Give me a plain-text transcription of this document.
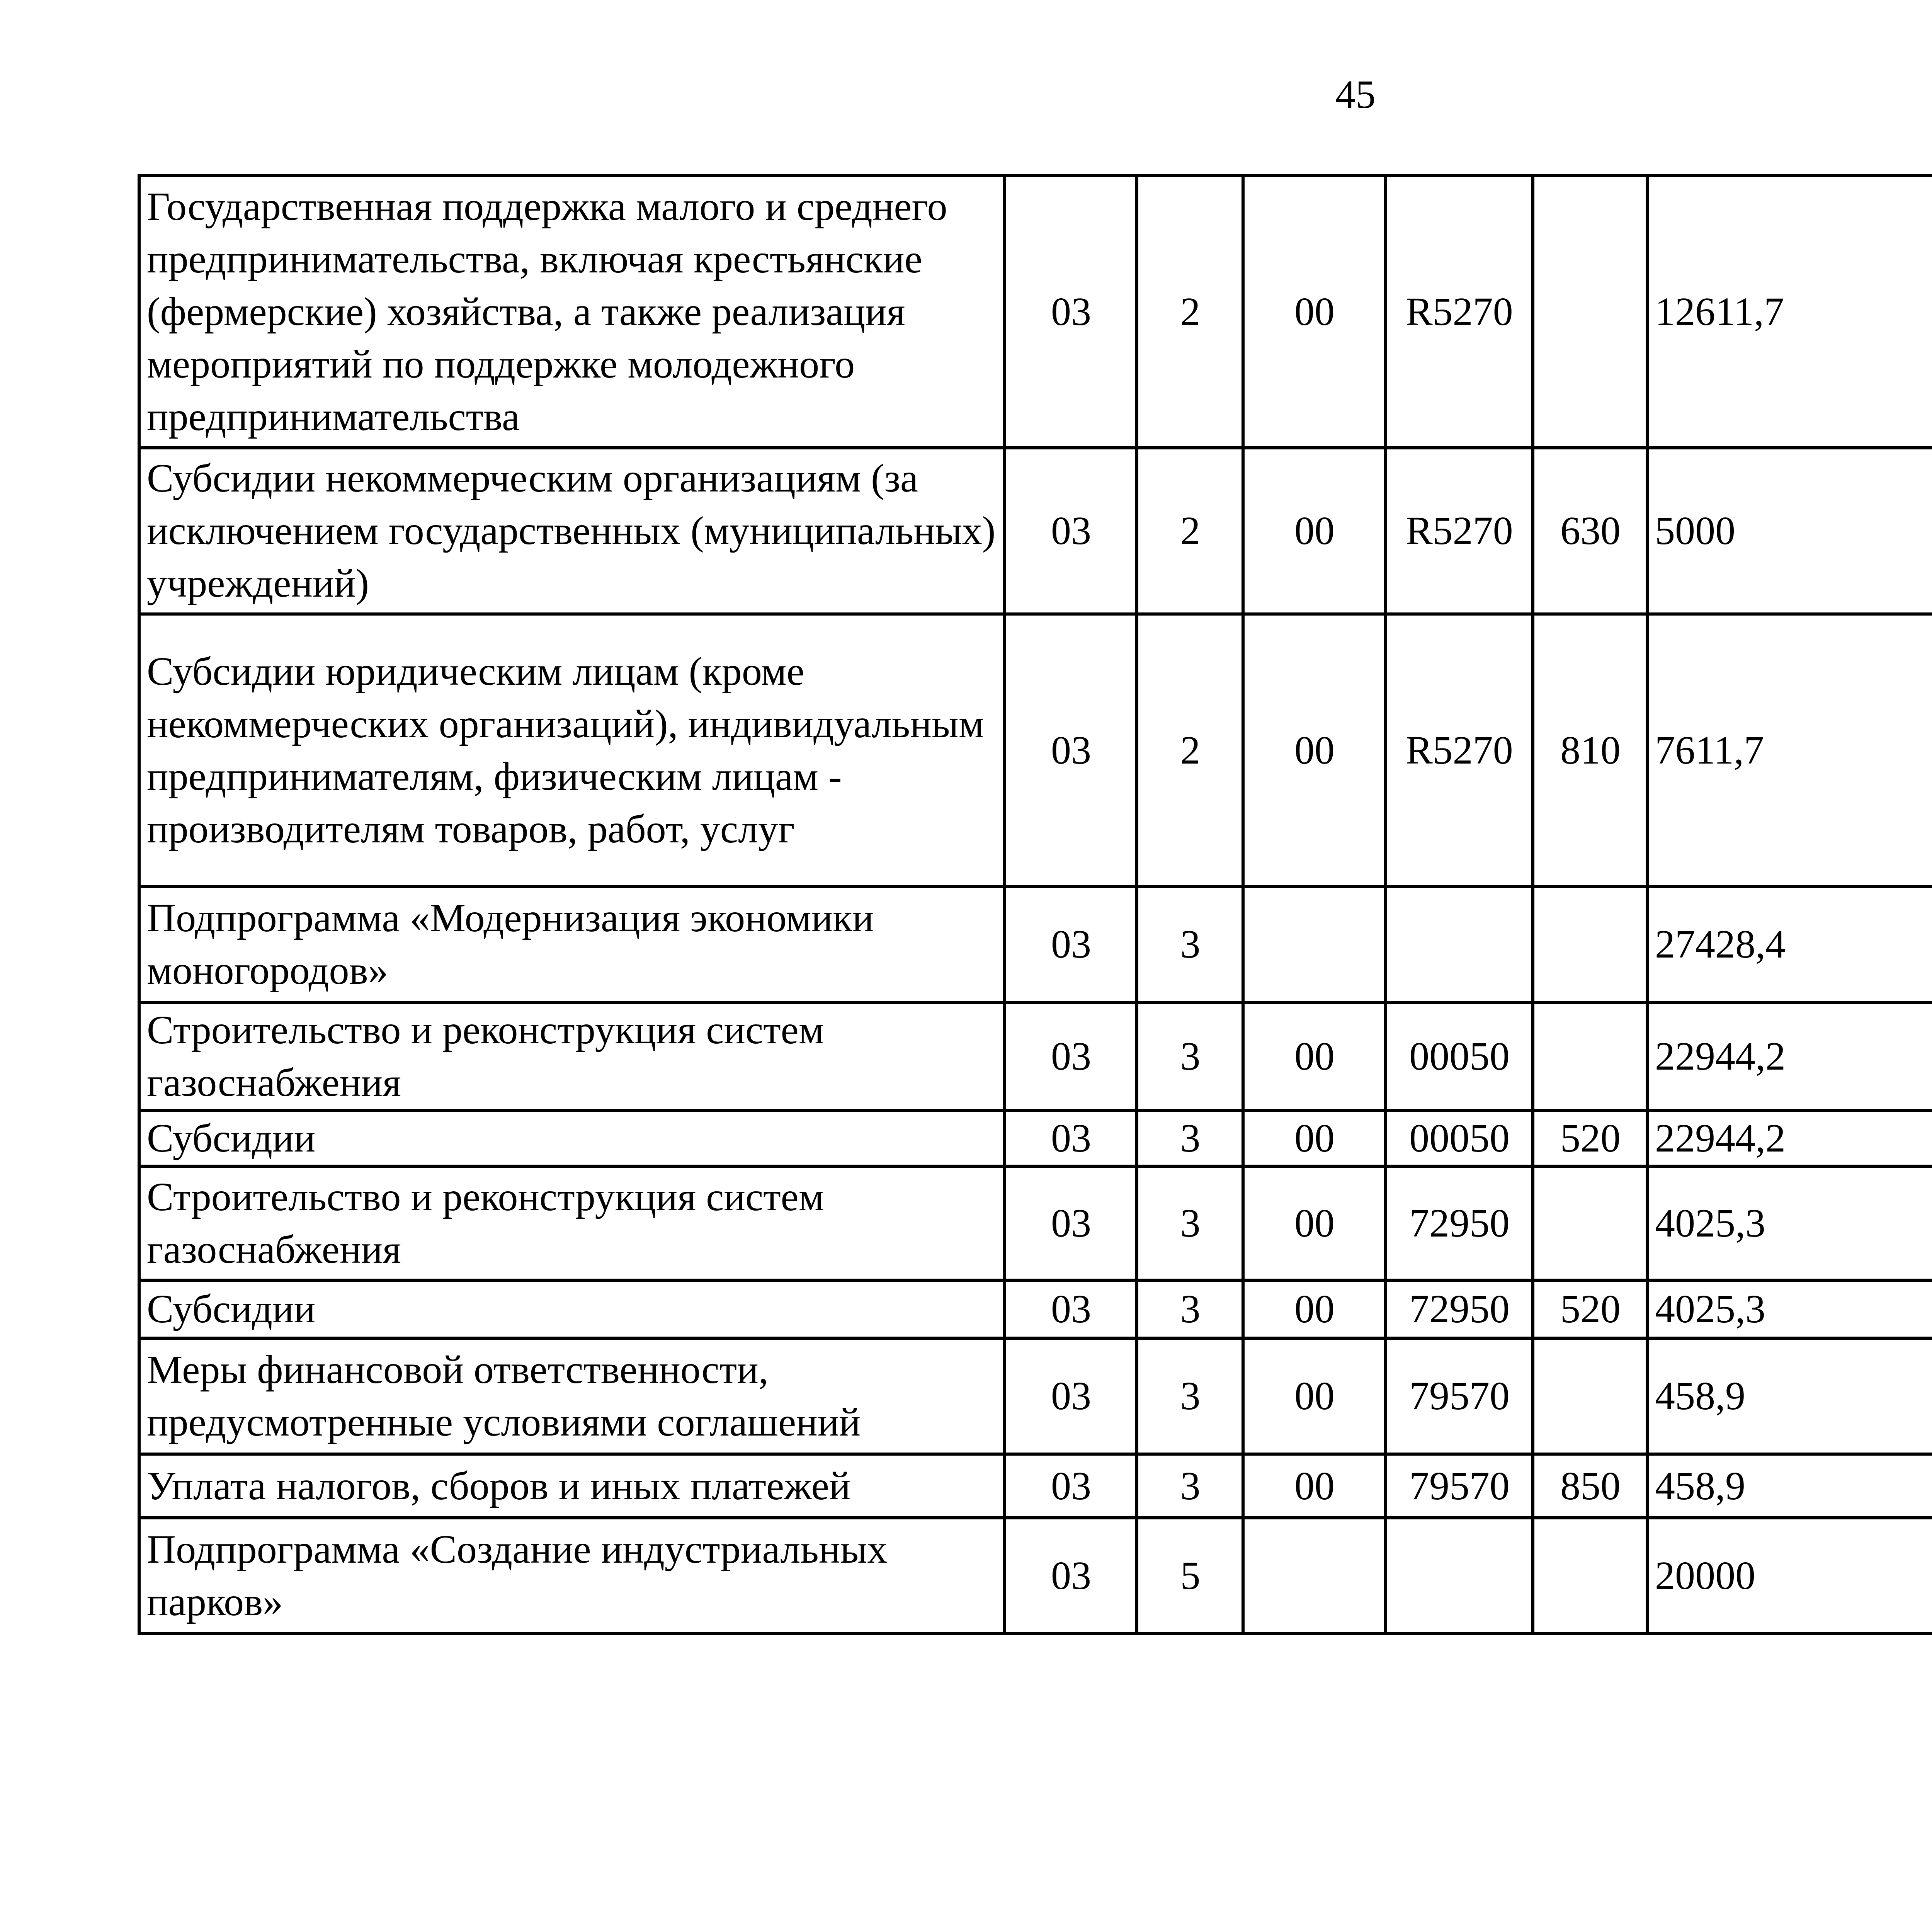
45
Государственная поддержка малого и среднего предпринимательства, включая крестьянские (фермерские) хозяйства, а также реализация мероприятий по поддержке молодежного предпринимательства	03	2	00	R5270		12611,7		
Субсидии некоммерческим организациям (за исключением государственных (муниципальных) учреждений)	03	2	00	R5270	630	5000		
Субсидии юридическим лицам (кроме некоммерческих организаций), индивидуальным предпринимателям, физическим лицам - производителям товаров, работ, услуг	03	2	00	R5270	810	7611,7		
Подпрограмма «Модернизация экономики моногородов»	03	3				27428,4		
Строительство и реконструкция систем газоснабжения	03	3	00	00050		22944,2		
Субсидии	03	3	00	00050	520	22944,2		
Строительство и реконструкция систем газоснабжения	03	3	00	72950		4025,3		
Субсидии	03	3	00	72950	520	4025,3		
Меры финансовой ответственности, предусмотренные условиями соглашений	03	3	00	79570		458,9		
Уплата налогов, сборов и иных платежей	03	3	00	79570	850	458,9		
Подпрограмма «Создание индустриальных парков»	03	5				20000		
